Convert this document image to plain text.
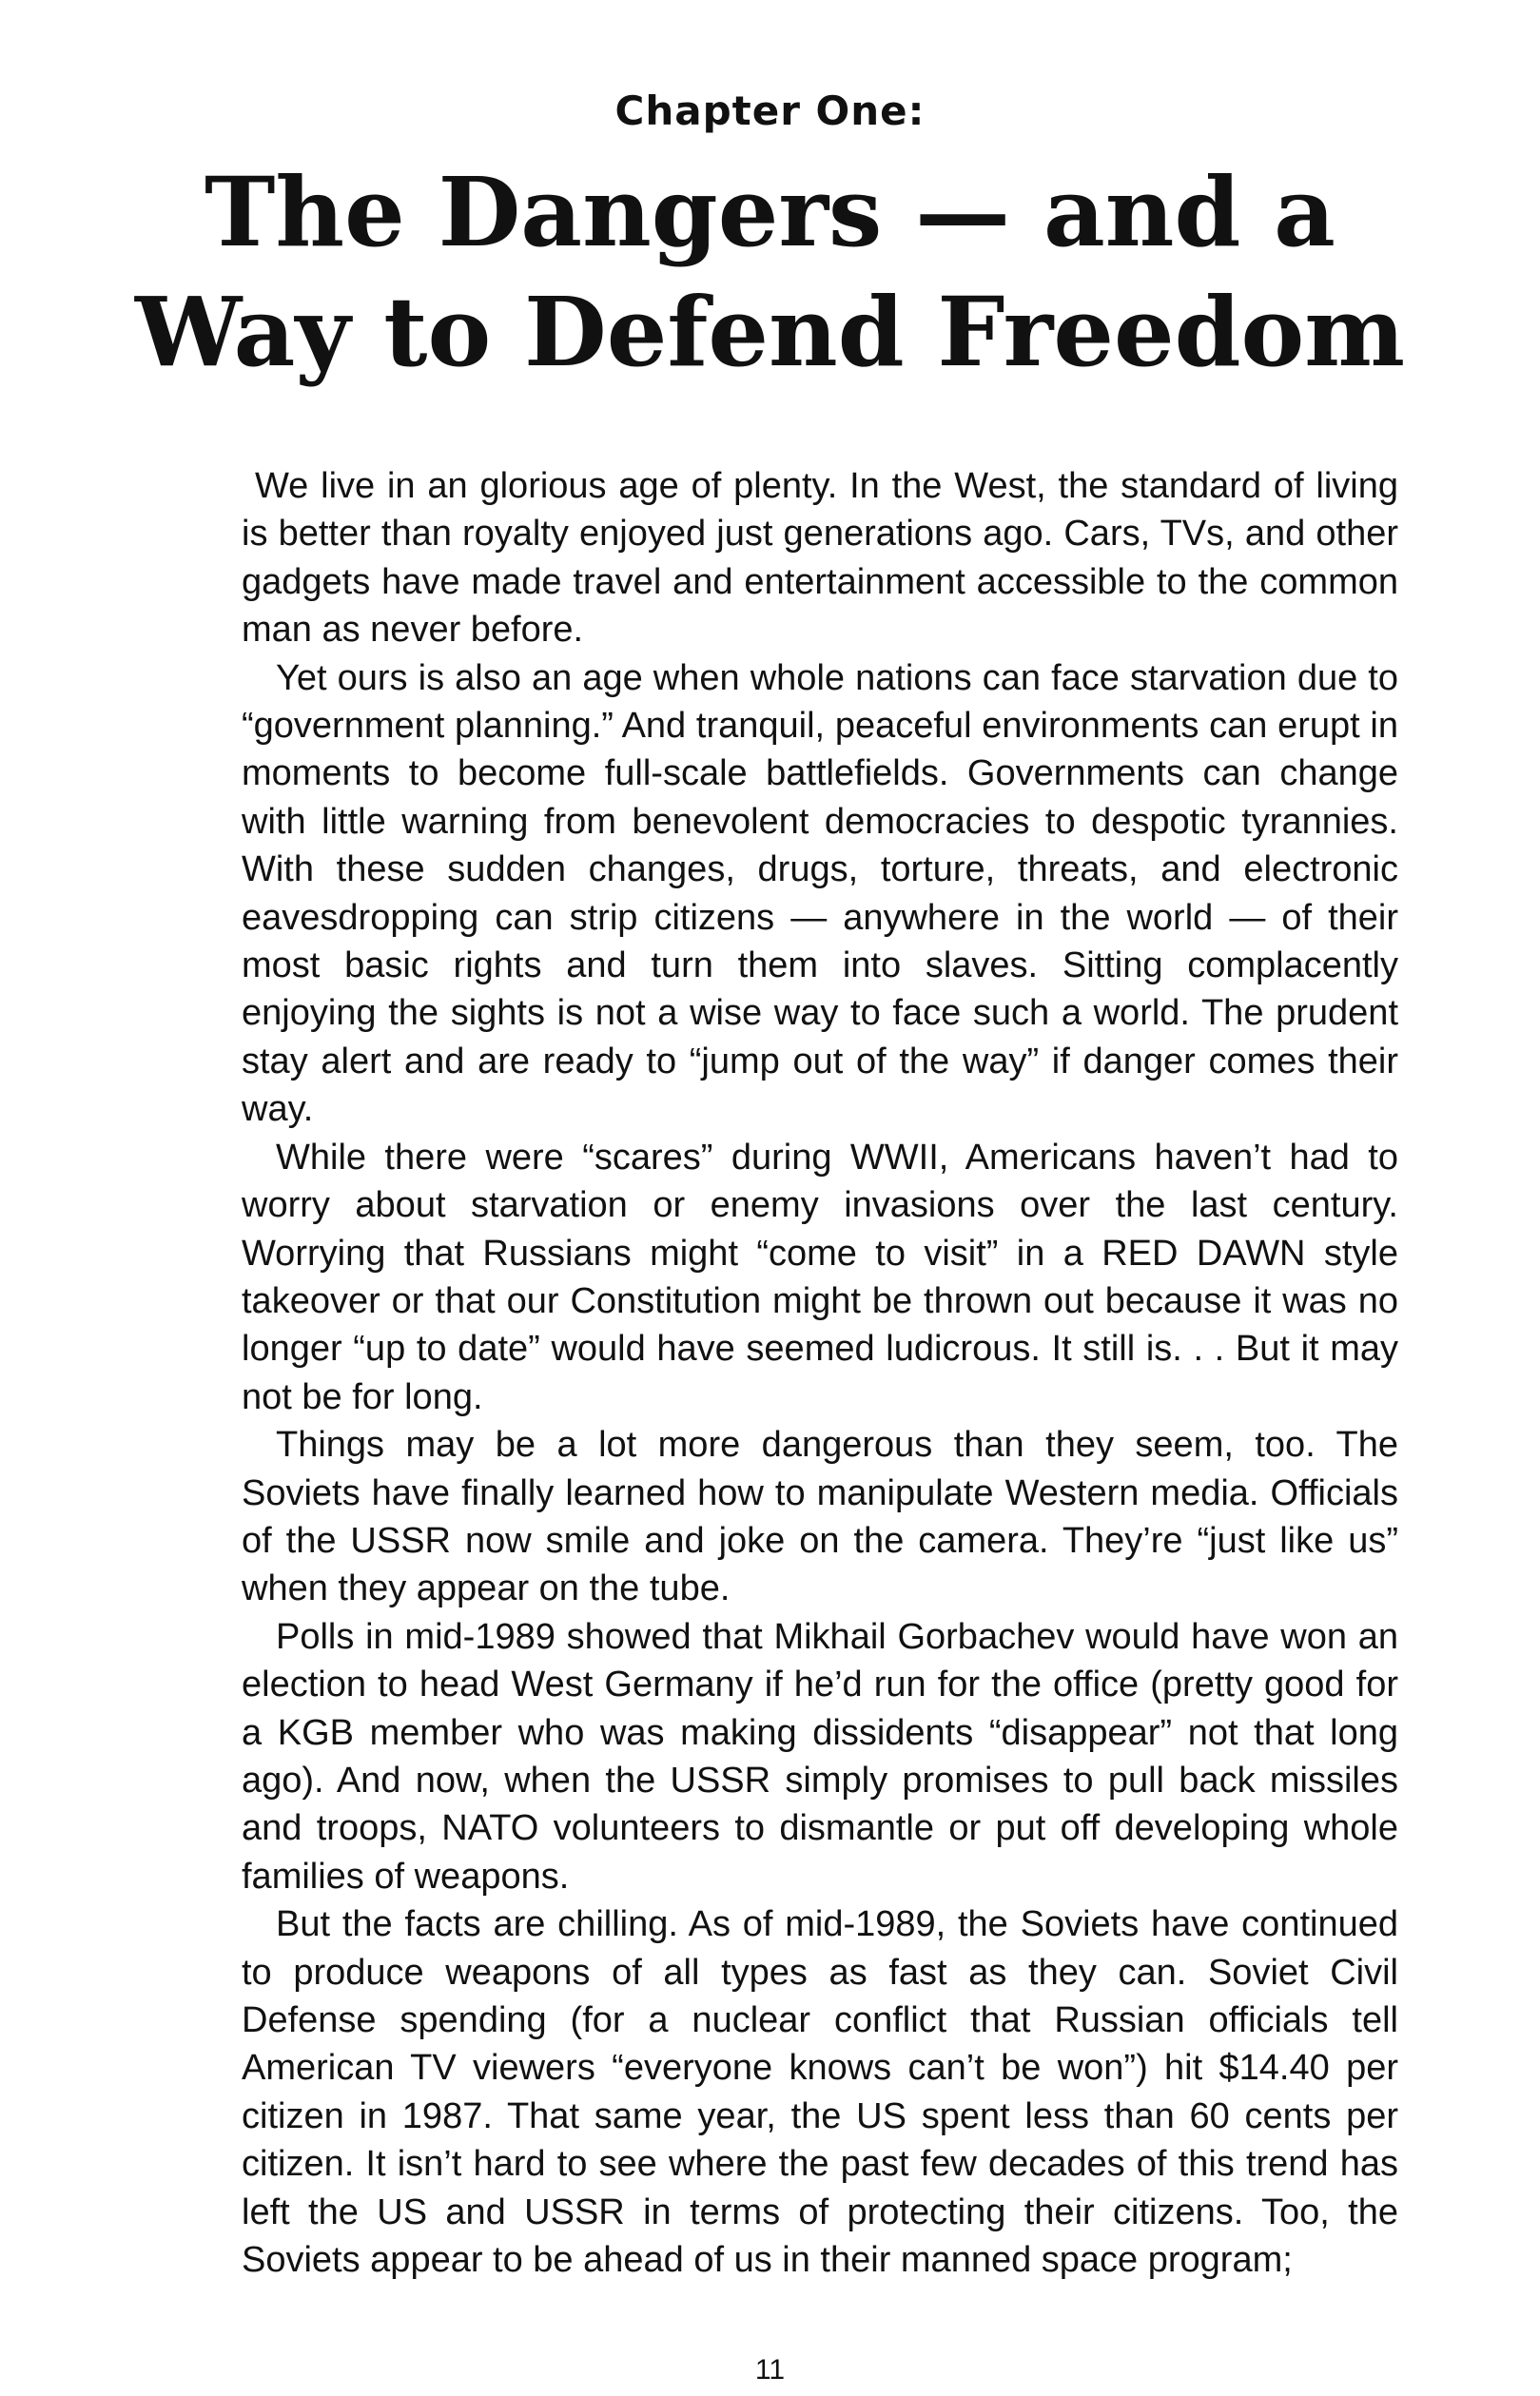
Chapter One:
The Dangers — and a
Way to Defend Freedom

We live in an glorious age of plenty. In the West, the standard of living is better than royalty enjoyed just generations ago. Cars, TVs, and other gadgets have made travel and entertainment accessible to the common man as never before.

Yet ours is also an age when whole nations can face starvation due to “government planning.” And tranquil, peaceful environments can erupt in moments to become full-scale battlefields. Governments can change with little warning from benevolent democracies to despotic tyrannies. With these sudden changes, drugs, torture, threats, and electronic eavesdropping can strip citizens — anywhere in the world — of their most basic rights and turn them into slaves. Sitting complacently enjoying the sights is not a wise way to face such a world. The prudent stay alert and are ready to “jump out of the way” if danger comes their way.

While there were “scares” during WWII, Americans haven’t had to worry about starvation or enemy invasions over the last century. Worrying that Russians might “come to visit” in a RED DAWN style takeover or that our Constitution might be thrown out because it was no longer “up to date” would have seemed ludicrous. It still is. . . But it may not be for long.

Things may be a lot more dangerous than they seem, too. The Soviets have finally learned how to manipulate Western media. Officials of the USSR now smile and joke on the camera. They’re “just like us” when they appear on the tube.

Polls in mid-1989 showed that Mikhail Gorbachev would have won an election to head West Germany if he’d run for the office (pretty good for a KGB member who was making dissidents “disappear” not that long ago). And now, when the USSR simply promises to pull back missiles and troops, NATO volunteers to dismantle or put off developing whole families of weapons.

But the facts are chilling. As of mid-1989, the Soviets have continued to produce weapons of all types as fast as they can. Soviet Civil Defense spending (for a nuclear conflict that Russian officials tell American TV viewers “everyone knows can’t be won”) hit $14.40 per citizen in 1987. That same year, the US spent less than 60 cents per citizen. It isn’t hard to see where the past few decades of this trend has left the US and USSR in terms of protecting their citizens. Too, the Soviets appear to be ahead of us in their manned space program;

11
